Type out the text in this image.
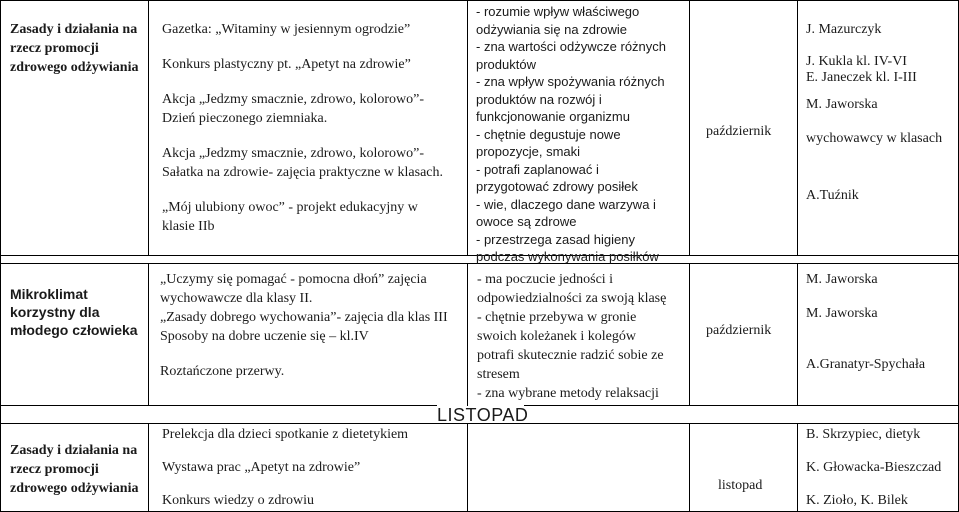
Zasady i działania na

rzecz promocji

zdrowego odżywiania

Gazetka: „Witaminy w jesiennym ogrodzie”

Konkurs plastyczny pt. „Apetyt na zdrowie”

Akcja „Jedzmy smacznie, zdrowo, kolorowo”-

Dzień pieczonego ziemniaka.

Akcja „Jedzmy smacznie, zdrowo, kolorowo”-

Sałatka na zdrowie- zajęcia praktyczne w klasach.

„Mój ulubiony owoc” - projekt edukacyjny w

klasie IIb

- rozumie wpływ właściwego

odżywiania się na zdrowie

- zna wartości odżywcze różnych

produktów

- zna wpływ spożywania różnych

produktów na rozwój i

funkcjonowanie organizmu

- chętnie degustuje nowe

propozycje, smaki

- potrafi zaplanować i

przygotować zdrowy posiłek

- wie, dlaczego dane warzywa i

owoce są zdrowe

- przestrzega zasad higieny

podczas wykonywania posiłków

październik

J. Mazurczyk

J. Kukla kl. IV-VI

E. Janeczek kl. I-III

M. Jaworska

wychowawcy w klasach

A.Tuźnik

Mikroklimat

korzystny dla

młodego człowieka

„Uczymy się pomagać - pomocna dłoń” zajęcia

wychowawcze dla klasy II.

„Zasady dobrego wychowania”- zajęcia dla klas III

Sposoby na dobre uczenie się – kl.IV

Roztańczone przerwy.

- ma poczucie jedności i

odpowiedzialności za swoją klasę

- chętnie przebywa w gronie

swoich koleżanek i kolegów

potrafi skutecznie radzić sobie ze

stresem

- zna wybrane metody relaksacji

październik

M. Jaworska

M. Jaworska

A.Granatyr-Spychała

LISTOPAD

Zasady i działania na

rzecz promocji

zdrowego odżywiania

Prelekcja dla dzieci spotkanie z dietetykiem

Wystawa prac „Apetyt na zdrowie”

Konkurs wiedzy o zdrowiu

listopad

B. Skrzypiec, dietyk

K. Głowacka-Bieszczad

K. Zioło, K. Bilek
